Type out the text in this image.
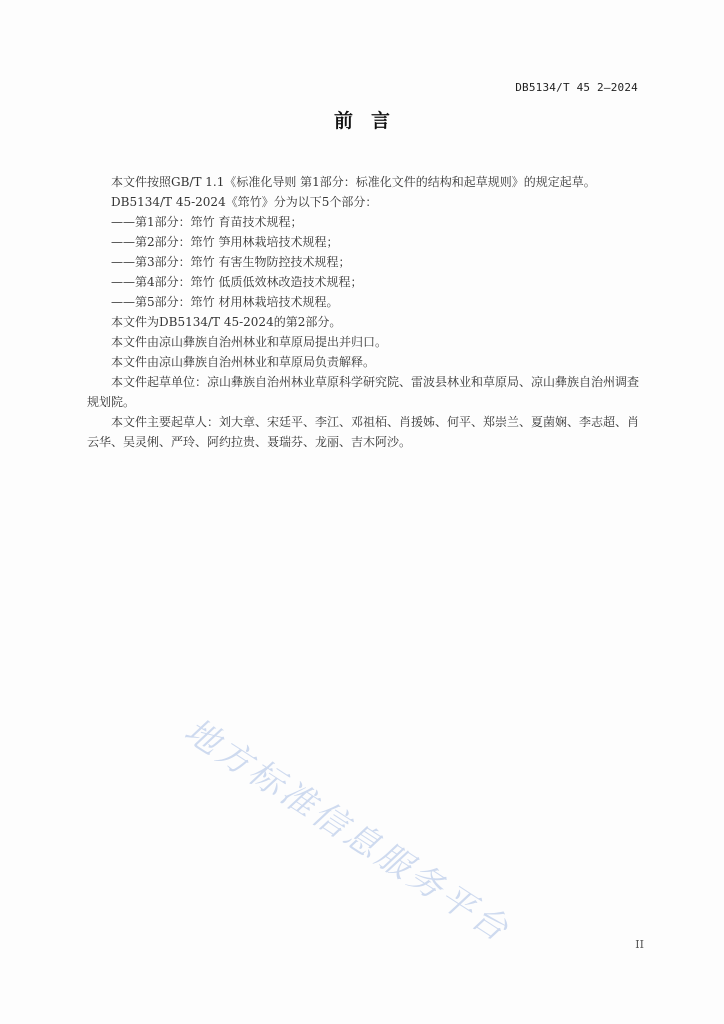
DB5134/T 45 2—2024
前言

本文件按照GB/T 1.1《标准化导则 第1部分：标准化文件的结构和起草规则》的规定起草。

DB5134/T 45-2024《筇竹》分为以下5个部分：

——第1部分：筇竹 育苗技术规程；

——第2部分：筇竹 笋用林栽培技术规程；

——第3部分：筇竹 有害生物防控技术规程；

——第4部分：筇竹 低质低效林改造技术规程；

——第5部分：筇竹 材用林栽培技术规程。

本文件为DB5134/T 45-2024的第2部分。

本文件由凉山彝族自治州林业和草原局提出并归口。

本文件由凉山彝族自治州林业和草原局负责解释。

本文件起草单位：凉山彝族自治州林业草原科学研究院、雷波县林业和草原局、凉山彝族自治州调查规划院。

本文件主要起草人：刘大章、宋廷平、李江、邓祖栢、肖援姊、何平、郑崇兰、夏菌娴、李志超、肖云华、吴灵俐、严玲、阿约拉贵、聂瑞芬、龙丽、吉木阿沙。

地方标准信息服务平台	II
